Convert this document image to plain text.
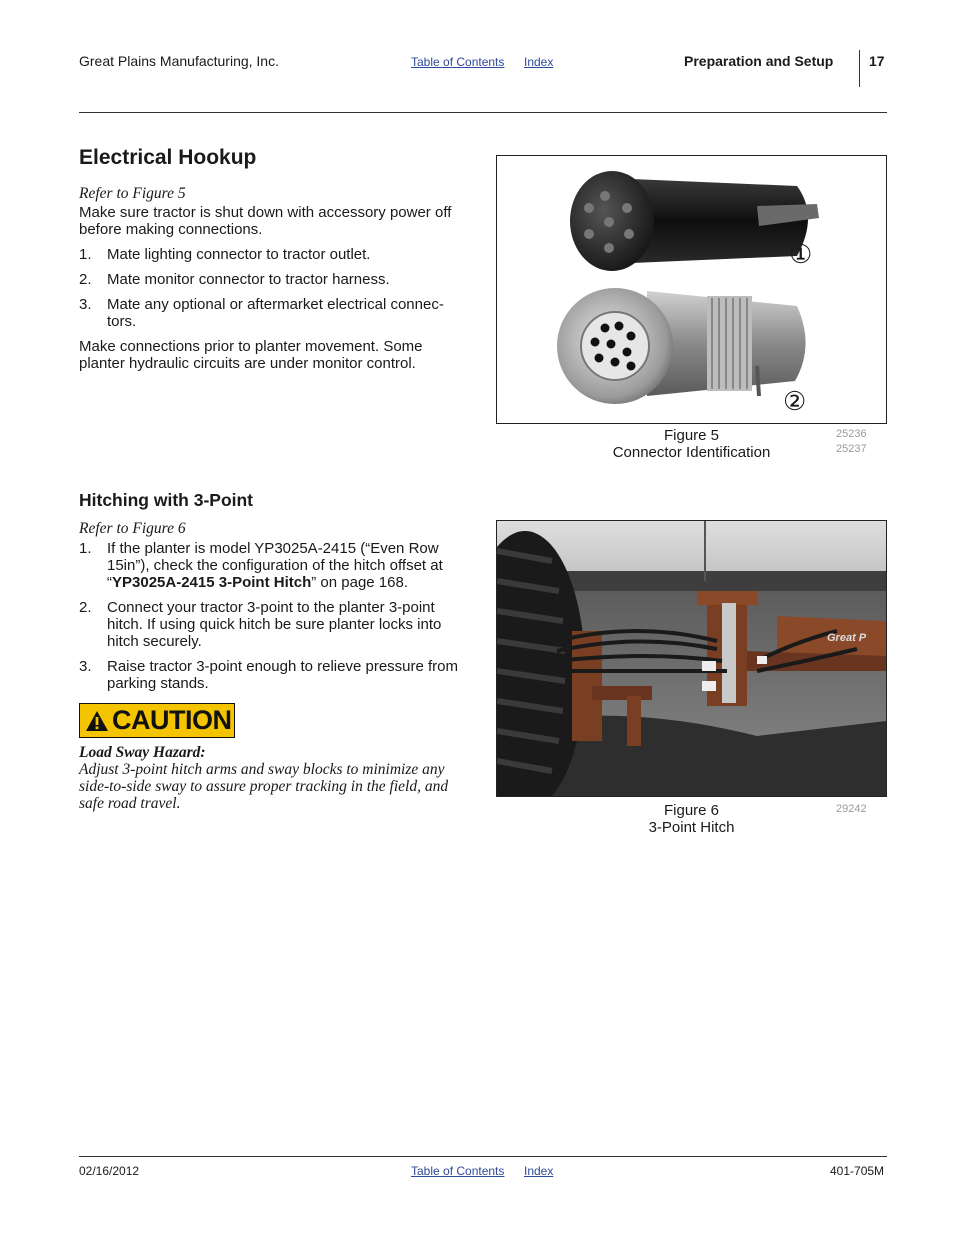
Great Plains Manufacturing, Inc.	Table of Contents Index	Preparation and Setup	17
Electrical Hookup
Refer to Figure 5
Make sure tractor is shut down with accessory power off
before making connections.
1. Mate lighting connector to tractor outlet.
2. Mate monitor connector to tractor harness.
3. Mate any optional or aftermarket electrical connec-
tors.
Make connections prior to planter movement. Some
planter hydraulic circuits are under monitor control.
①
②
Figure 5
Connector Identification
25236
25237
Hitching with 3-Point
Refer to Figure 6
1. If the planter is model YP3025A-2415 (“Even Row
15in”), check the configuration of the hitch offset at
“YP3025A-2415 3-Point Hitch” on page 168.
2. Connect your tractor 3-point to the planter 3-point
hitch. If using quick hitch be sure planter locks into
hitch securely.
3. Raise tractor 3-point enough to relieve pressure from
parking stands.
CAUTION
Load Sway Hazard:
Adjust 3-point hitch arms and sway blocks to minimize any
side-to-side sway to assure proper tracking in the field, and
safe road travel.
Great P
Figure 6
3-Point Hitch
29242
02/16/2012	Table of Contents Index	401-705M
